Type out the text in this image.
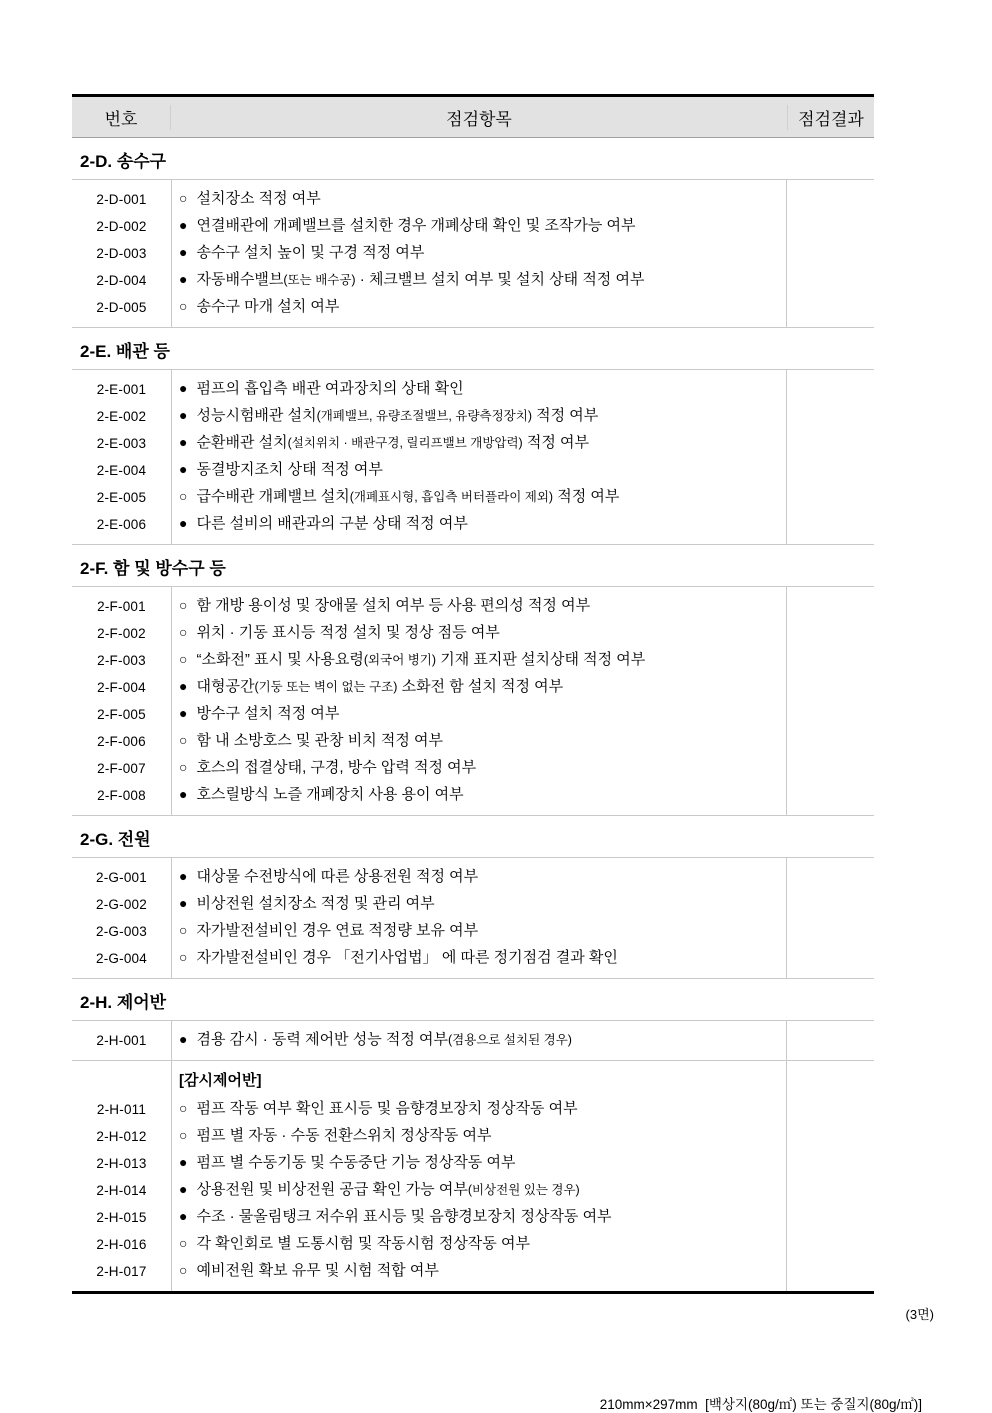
번호	점검항목	점검결과
2-D. 송수구
2-D-001	○ 설치장소 적정 여부
2-D-002	● 연결배관에 개폐밸브를 설치한 경우 개폐상태 확인 및 조작가능 여부
2-D-003	● 송수구 설치 높이 및 구경 적정 여부
2-D-004	● 자동배수밸브(또는 배수공) · 체크밸브 설치 여부 및 설치 상태 적정 여부
2-D-005	○ 송수구 마개 설치 여부
2-E. 배관 등
2-E-001	● 펌프의 흡입측 배관 여과장치의 상태 확인
2-E-002	● 성능시험배관 설치(개폐밸브, 유량조절밸브, 유량측정장치) 적정 여부
2-E-003	● 순환배관 설치(설치위치 · 배관구경, 릴리프밸브 개방압력) 적정 여부
2-E-004	● 동결방지조치 상태 적정 여부
2-E-005	○ 급수배관 개폐밸브 설치(개폐표시형, 흡입측 버터플라이 제외) 적정 여부
2-E-006	● 다른 설비의 배관과의 구분 상태 적정 여부
2-F. 함 및 방수구 등
2-F-001	○ 함 개방 용이성 및 장애물 설치 여부 등 사용 편의성 적정 여부
2-F-002	○ 위치 · 기동 표시등 적정 설치 및 정상 점등 여부
2-F-003	○ “소화전” 표시 및 사용요령(외국어 병기) 기재 표지판 설치상태 적정 여부
2-F-004	● 대형공간(기둥 또는 벽이 없는 구조) 소화전 함 설치 적정 여부
2-F-005	● 방수구 설치 적정 여부
2-F-006	○ 함 내 소방호스 및 관창 비치 적정 여부
2-F-007	○ 호스의 접결상태, 구경, 방수 압력 적정 여부
2-F-008	● 호스릴방식 노즐 개폐장치 사용 용이 여부
2-G. 전원
2-G-001	● 대상물 수전방식에 따른 상용전원 적정 여부
2-G-002	● 비상전원 설치장소 적정 및 관리 여부
2-G-003	○ 자가발전설비인 경우 연료 적정량 보유 여부
2-G-004	○ 자가발전설비인 경우 「전기사업법」 에 따른 정기점검 결과 확인
2-H. 제어반
2-H-001	● 겸용 감시 · 동력 제어반 성능 적정 여부(겸용으로 설치된 경우)
[감시제어반]
2-H-011	○ 펌프 작동 여부 확인 표시등 및 음향경보장치 정상작동 여부
2-H-012	○ 펌프 별 자동 · 수동 전환스위치 정상작동 여부
2-H-013	● 펌프 별 수동기동 및 수동중단 기능 정상작동 여부
2-H-014	● 상용전원 및 비상전원 공급 확인 가능 여부(비상전원 있는 경우)
2-H-015	● 수조 · 물올림탱크 저수위 표시등 및 음향경보장치 정상작동 여부
2-H-016	○ 각 확인회로 별 도통시험 및 작동시험 정상작동 여부
2-H-017	○ 예비전원 확보 유무 및 시험 적합 여부
(3면)
210mm×297mm  [백상지(80g/㎡) 또는 중질지(80g/㎡)]
